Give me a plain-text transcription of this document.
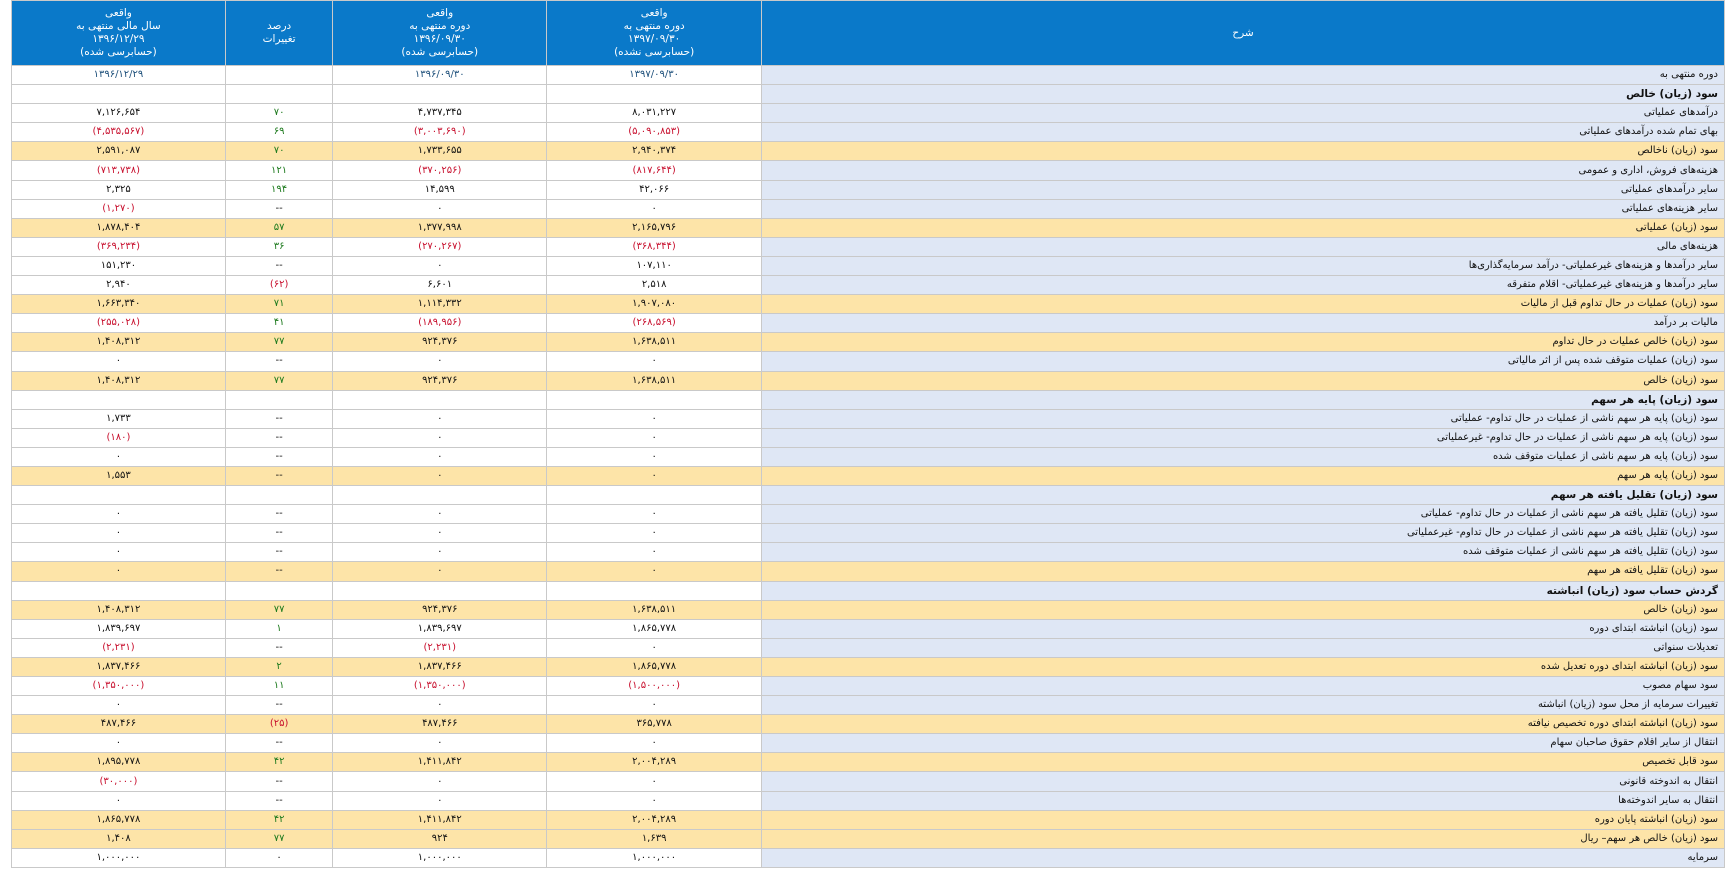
شرح	واقعی
دوره منتهی به
۱۳۹۷/۰۹/۳۰
(حسابرسی نشده)	واقعی
دوره منتهی به
۱۳۹۶/۰۹/۳۰
(حسابرسی شده)	درصد
تغییرات	واقعی
سال مالی منتهی به
۱۳۹۶/۱۲/۲۹
(حسابرسی شده)

دوره منتهی به	۱۳۹۷/۰۹/۳۰	۱۳۹۶/۰۹/۳۰		۱۳۹۶/۱۲/۲۹
سود (زیان) خالص				
درآمدهای عملیاتی	۸,۰۳۱,۲۲۷	۴,۷۳۷,۳۴۵	۷۰	۷,۱۲۶,۶۵۴
بهای تمام شده درآمدهای عملیاتی	(۵,۰۹۰,۸۵۳)	(۳,۰۰۳,۶۹۰)	۶۹	(۴,۵۳۵,۵۶۷)
سود (زیان) ناخالص	۲,۹۴۰,۳۷۴	۱,۷۳۳,۶۵۵	۷۰	۲,۵۹۱,۰۸۷
هزینه‌های فروش، اداری و عمومی	(۸۱۷,۶۴۴)	(۳۷۰,۲۵۶)	۱۲۱	(۷۱۳,۷۳۸)
سایر درآمدهای عملیاتی	۴۲,۰۶۶	۱۴,۵۹۹	۱۹۴	۲,۳۲۵
سایر هزینه‌های عملیاتی	۰	۰	--	(۱,۲۷۰)
سود (زیان) عملیاتی	۲,۱۶۵,۷۹۶	۱,۳۷۷,۹۹۸	۵۷	۱,۸۷۸,۴۰۴
هزینه‌های مالی	(۳۶۸,۳۴۴)	(۲۷۰,۲۶۷)	۳۶	(۳۶۹,۲۳۴)
سایر درآمدها و هزینه‌های غیرعملیاتی- درآمد سرمایه‌گذاری‌ها	۱۰۷,۱۱۰	۰	--	۱۵۱,۲۳۰
سایر درآمدها و هزینه‌های غیرعملیاتی- اقلام متفرقه	۲,۵۱۸	۶,۶۰۱	(۶۲)	۲,۹۴۰
سود (زیان) عملیات در حال تداوم قبل از مالیات	۱,۹۰۷,۰۸۰	۱,۱۱۴,۳۳۲	۷۱	۱,۶۶۳,۳۴۰
مالیات بر درآمد	(۲۶۸,۵۶۹)	(۱۸۹,۹۵۶)	۴۱	(۲۵۵,۰۲۸)
سود (زیان) خالص عملیات در حال تداوم	۱,۶۳۸,۵۱۱	۹۲۴,۳۷۶	۷۷	۱,۴۰۸,۳۱۲
سود (زیان) عملیات متوقف شده پس از اثر مالیاتی	۰	۰	--	۰
سود (زیان) خالص	۱,۶۳۸,۵۱۱	۹۲۴,۳۷۶	۷۷	۱,۴۰۸,۳۱۲
سود (زیان) پایه هر سهم				
سود (زیان) پایه هر سهم ناشی از عملیات در حال تداوم- عملیاتی	۰	۰	--	۱,۷۳۳
سود (زیان) پایه هر سهم ناشی از عملیات در حال تداوم- غیرعملیاتی	۰	۰	--	(۱۸۰)
سود (زیان) پایه هر سهم ناشی از عملیات متوقف شده	۰	۰	--	۰
سود (زیان) پایه هر سهم	۰	۰	--	۱,۵۵۳
سود (زیان) تقلیل یافته هر سهم				
سود (زیان) تقلیل یافته هر سهم ناشی از عملیات در حال تداوم- عملیاتی	۰	۰	--	۰
سود (زیان) تقلیل یافته هر سهم ناشی از عملیات در حال تداوم- غیرعملیاتی	۰	۰	--	۰
سود (زیان) تقلیل یافته هر سهم ناشی از عملیات متوقف شده	۰	۰	--	۰
سود (زیان) تقلیل یافته هر سهم	۰	۰	--	۰
گردش حساب سود (زیان) انباشته				
سود (زیان) خالص	۱,۶۳۸,۵۱۱	۹۲۴,۳۷۶	۷۷	۱,۴۰۸,۳۱۲
سود (زیان) انباشته ابتدای دوره	۱,۸۶۵,۷۷۸	۱,۸۳۹,۶۹۷	۱	۱,۸۳۹,۶۹۷
تعدیلات سنواتی	۰	(۲,۲۳۱)	--	(۲,۲۳۱)
سود (زیان) انباشته ابتدای دوره تعدیل شده	۱,۸۶۵,۷۷۸	۱,۸۳۷,۴۶۶	۲	۱,۸۳۷,۴۶۶
سود سهام مصوب	(۱,۵۰۰,۰۰۰)	(۱,۳۵۰,۰۰۰)	۱۱	(۱,۳۵۰,۰۰۰)
تغییرات سرمایه از محل سود (زیان) انباشته	۰	۰	--	۰
سود (زیان) انباشته ابتدای دوره تخصیص نیافته	۳۶۵,۷۷۸	۴۸۷,۴۶۶	(۲۵)	۴۸۷,۴۶۶
انتقال از سایر اقلام حقوق صاحبان سهام	۰	۰	--	۰
سود قابل تخصیص	۲,۰۰۴,۲۸۹	۱,۴۱۱,۸۴۲	۴۲	۱,۸۹۵,۷۷۸
انتقال به اندوخته قانونی	۰	۰	--	(۳۰,۰۰۰)
انتقال به سایر اندوخته‌ها	۰	۰	--	۰
سود (زیان) انباشته پایان دوره	۲,۰۰۴,۲۸۹	۱,۴۱۱,۸۴۲	۴۲	۱,۸۶۵,۷۷۸
سود (زیان) خالص هر سهم– ریال	۱,۶۳۹	۹۲۴	۷۷	۱,۴۰۸
سرمایه	۱,۰۰۰,۰۰۰	۱,۰۰۰,۰۰۰	۰	۱,۰۰۰,۰۰۰
